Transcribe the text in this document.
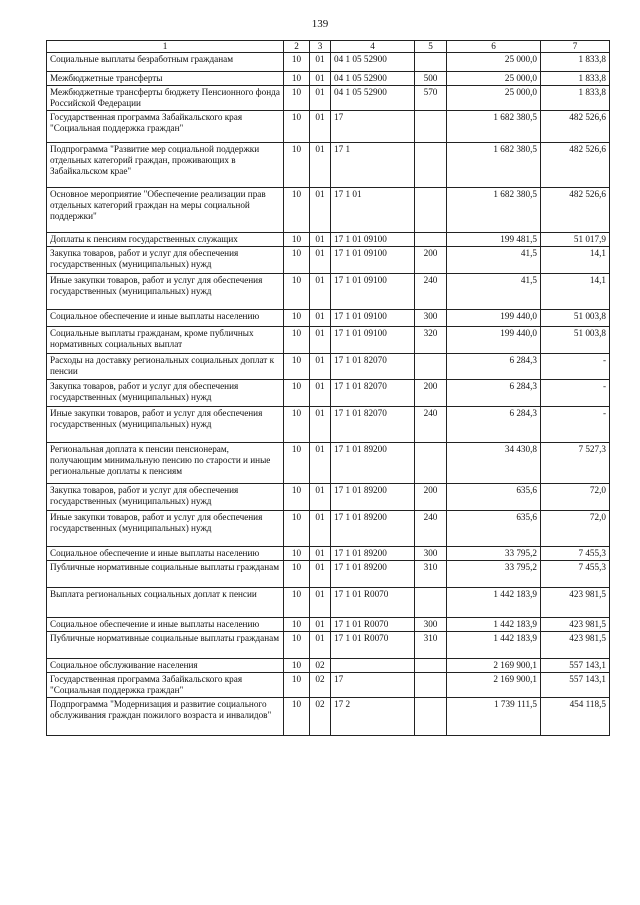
139
1	2	3	4	5	6	7
Социальные выплаты безработным гражданам	10	01	04 1 05 52900		25 000,0	1 833,8
Межбюджетные трансферты	10	01	04 1 05 52900	500	25 000,0	1 833,8
Межбюджетные трансферты бюджету Пенсионного фонда Российской Федерации	10	01	04 1 05 52900	570	25 000,0	1 833,8
Государственная программа Забайкальского края "Социальная поддержка граждан"	10	01	17		1 682 380,5	482 526,6
Подпрограмма "Развитие мер социальной поддержки отдельных категорий граждан, проживающих в Забайкальском крае"	10	01	17 1		1 682 380,5	482 526,6
Основное мероприятие "Обеспечение реализации прав отдельных категорий граждан на меры социальной поддержки"	10	01	17 1 01		1 682 380,5	482 526,6
Доплаты к пенсиям государственных служащих	10	01	17 1 01 09100		199 481,5	51 017,9
Закупка товаров, работ и услуг для обеспечения государственных (муниципальных) нужд	10	01	17 1 01 09100	200	41,5	14,1
Иные закупки товаров, работ и услуг для обеспечения государственных (муниципальных) нужд	10	01	17 1 01 09100	240	41,5	14,1
Социальное обеспечение и иные выплаты населению	10	01	17 1 01 09100	300	199 440,0	51 003,8
Социальные выплаты гражданам, кроме публичных нормативных социальных выплат	10	01	17 1 01 09100	320	199 440,0	51 003,8
Расходы на доставку региональных социальных доплат к пенсии	10	01	17 1 01 82070		6 284,3	-
Закупка товаров, работ и услуг для обеспечения государственных (муниципальных) нужд	10	01	17 1 01 82070	200	6 284,3	-
Иные закупки товаров, работ и услуг для обеспечения государственных (муниципальных) нужд	10	01	17 1 01 82070	240	6 284,3	-
Региональная доплата к пенсии пенсионерам, получающим минимальную пенсию по старости и иные региональные доплаты к пенсиям	10	01	17 1 01 89200		34 430,8	7 527,3
Закупка товаров, работ и услуг для обеспечения государственных (муниципальных) нужд	10	01	17 1 01 89200	200	635,6	72,0
Иные закупки товаров, работ и услуг для обеспечения государственных (муниципальных) нужд	10	01	17 1 01 89200	240	635,6	72,0
Социальное обеспечение и иные выплаты населению	10	01	17 1 01 89200	300	33 795,2	7 455,3
Публичные нормативные социальные выплаты гражданам	10	01	17 1 01 89200	310	33 795,2	7 455,3
Выплата региональных социальных доплат к пенсии	10	01	17 1 01 R0070		1 442 183,9	423 981,5
Социальное обеспечение и иные выплаты населению	10	01	17 1 01 R0070	300	1 442 183,9	423 981,5
Публичные нормативные социальные выплаты гражданам	10	01	17 1 01 R0070	310	1 442 183,9	423 981,5
Социальное обслуживание населения	10	02			2 169 900,1	557 143,1
Государственная программа Забайкальского края "Социальная поддержка граждан"	10	02	17		2 169 900,1	557 143,1
Подпрограмма "Модернизация и развитие социального обслуживания граждан пожилого возраста и инвалидов"	10	02	17 2		1 739 111,5	454 118,5
